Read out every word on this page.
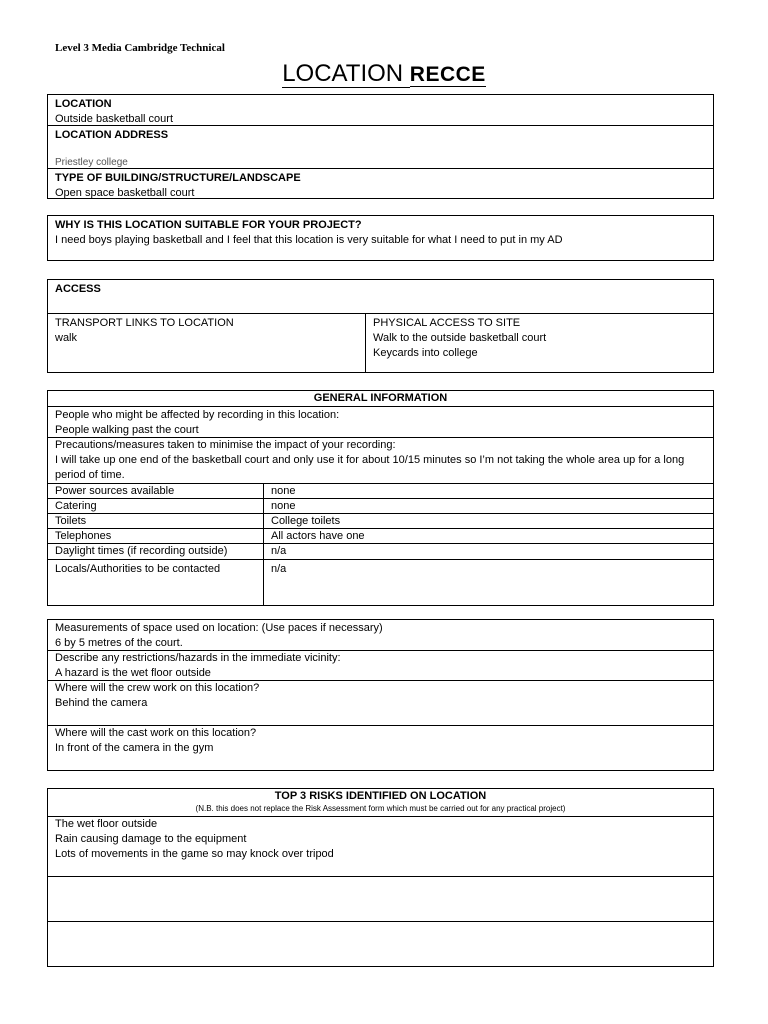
Level 3 Media Cambridge Technical
LOCATION RECCE
LOCATION
Outside basketball court
LOCATION ADDRESS
Priestley college
TYPE OF BUILDING/STRUCTURE/LANDSCAPE
Open space basketball court
WHY IS THIS LOCATION SUITABLE FOR YOUR PROJECT?
I need boys playing basketball and I feel that this location is very suitable for what I need to put in my AD
ACCESS
TRANSPORT LINKS TO LOCATION
walk
PHYSICAL ACCESS TO SITE
Walk to the outside basketball court
Keycards into college
GENERAL INFORMATION
People who might be affected by recording in this location:
People walking past the court
Precautions/measures taken to minimise the impact of your recording:
I will take up one end of the basketball court and only use it for about 10/15 minutes so I’m not taking the whole area up for a long period of time.
Power sources available	none
Catering	none
Toilets	College toilets
Telephones	All actors have one
Daylight times (if recording outside)	n/a
Locals/Authorities to be contacted	n/a
Measurements of space used on location: (Use paces if necessary)
6 by 5 metres of the court.
Describe any restrictions/hazards in the immediate vicinity:
A hazard is the wet floor outside
Where will the crew work on this location?
Behind the camera
Where will the cast work on this location?
In front of the camera in the gym
TOP 3 RISKS IDENTIFIED ON LOCATION
(N.B. this does not replace the Risk Assessment form which must be carried out for any practical project)
The wet floor outside
Rain causing damage to the equipment
Lots of movements in the game so may knock over tripod
